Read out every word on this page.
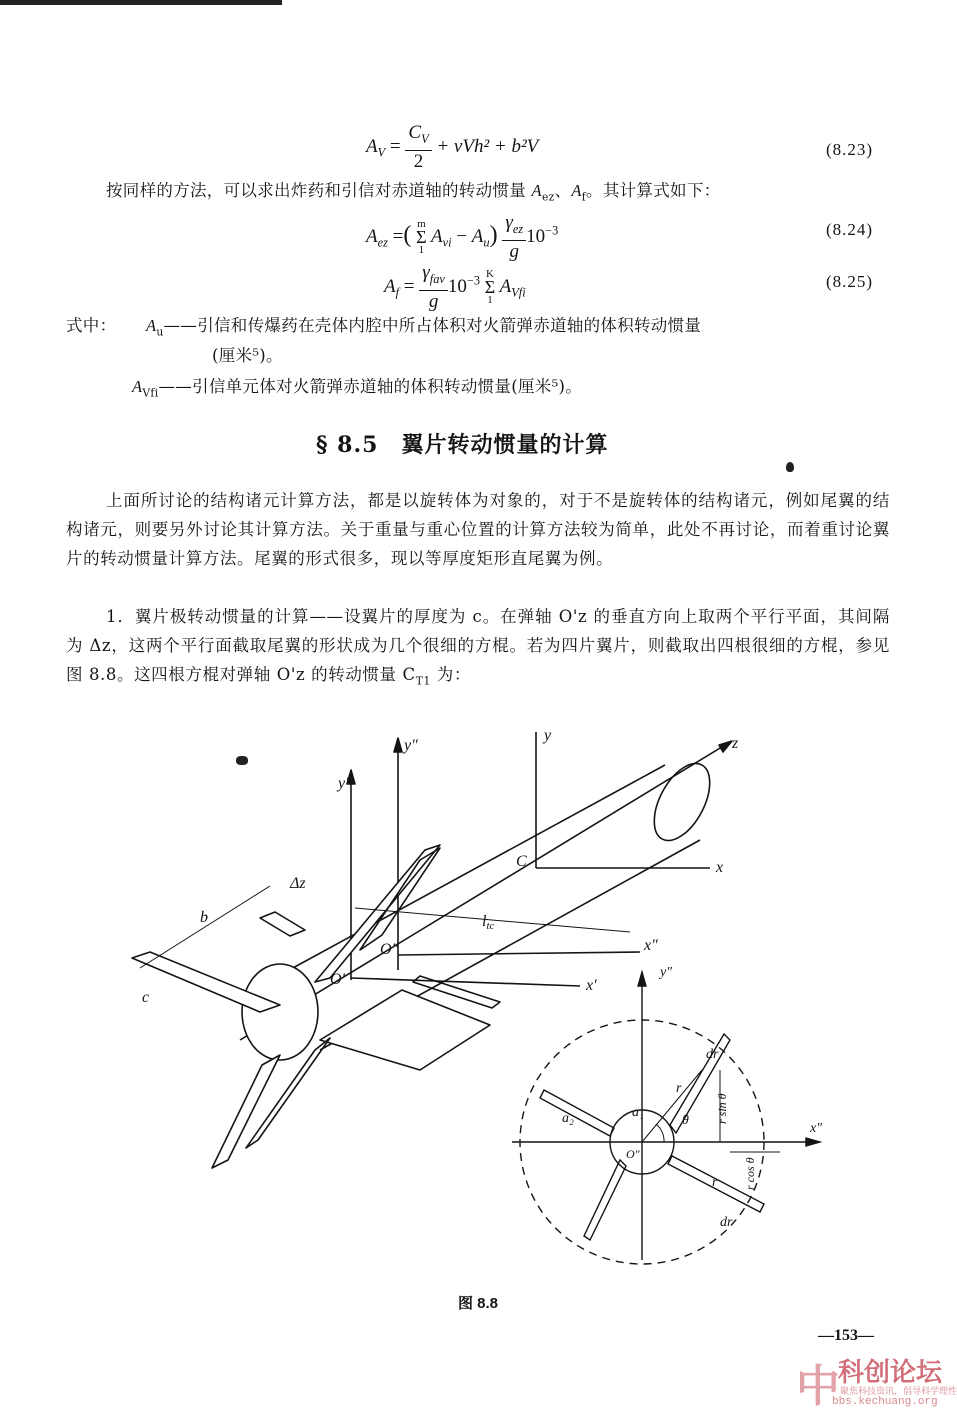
$A_V = \frac{C_V}{2} + \nu Vh^2 + b^2V$	(8.23)
按同样的方法，可以求出炸药和引信对赤道轴的转动惯量 $A_{ez}$、$A_f$。其计算式如下：
$A_{ez}$ =( m
Σ
1 $A_{vi} - A_u) \frac{\gamma_{ez}}{g} 10^{-3}$	(8.24)
$A_f = \frac{\gamma_{fav}}{g} 10^{-3}$ K
Σ
1 $A_{Vfi}$
(8.25)
式中： $A_u——$引信和传爆药在壳体内腔中所占体积对火箭弹赤道轴的体积转动惯量
(厘米⁵)。
$A_{Vfi}——$引信单元体对火箭弹赤道轴的体积转动惯量(厘米⁵)。
§ 8.5　翼片转动惯量的计算
上面所讨论的结构诸元计算方法，都是以旋转体为对象的，对于不是旋转体的结构诸元，例如尾翼的结构诸元，则要另外讨论其计算方法。关于重量与重心位置的计算方法较为简单，此处不再讨论，而着重讨论翼片的转动惯量计算方法。尾翼的形式很多，现以等厚度矩形直尾翼为例。
1．翼片极转动惯量的计算——设翼片的厚度为 c。在弹轴 O'z 的垂直方向上取两个平行平面，其间隔为 Δz，这两个平行面截取尾翼的形状成为几个很细的方棍。若为四片翼片，则截取出四根很细的方棍，参见图 8.8。这四根方棍对弹轴 O'z 的转动惯量 $C_{T1}$ 为：
y″
y′
y	z
C	x
x″
x′
O′
O″
b
Δz
c
ltc
y″
x″
O″
a₂	a₁
dr
dr
r
r
θ r sin θ
r cos θ
图 8.8
—153—
中
科创论坛
聚焦科技资讯，倡导科学理性
bbs.kechuang.org
